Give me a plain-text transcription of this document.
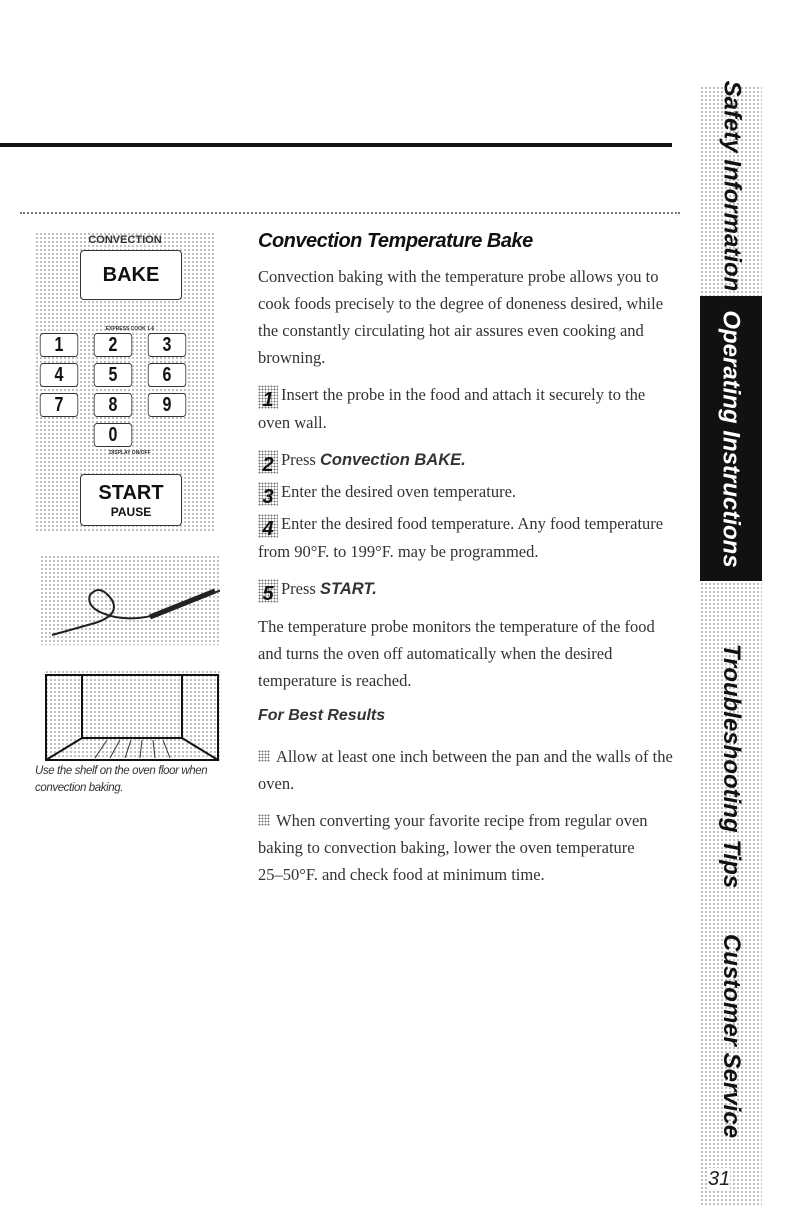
CONVECTION
BAKE
EXPRESS COOK 1-6
1	2	3
4	5	6
7	8	9
0
DISPLAY ON/OFF
START
PAUSE
Use the shelf on the oven floor when convection baking.
Convection Temperature Bake
Convection baking with the temperature probe allows you to cook foods precisely to the degree of doneness desired, while the constantly circulating hot air assures even cooking and browning.
1 Insert the probe in the food and attach it securely to the oven wall.
2 Press Convection BAKE.
3 Enter the desired oven temperature.
4 Enter the desired food temperature. Any food temperature from 90°F. to 199°F. may be programmed.
5 Press START.
The temperature probe monitors the temperature of the food and turns the oven off automatically when the desired temperature is reached.
For Best Results
Allow at least one inch between the pan and the walls of the oven.
When converting your favorite recipe from regular oven baking to convection baking, lower the oven temperature 25–50°F. and check food at minimum time.
Safety Information
Operating Instructions
Troubleshooting Tips
Customer Service
31
